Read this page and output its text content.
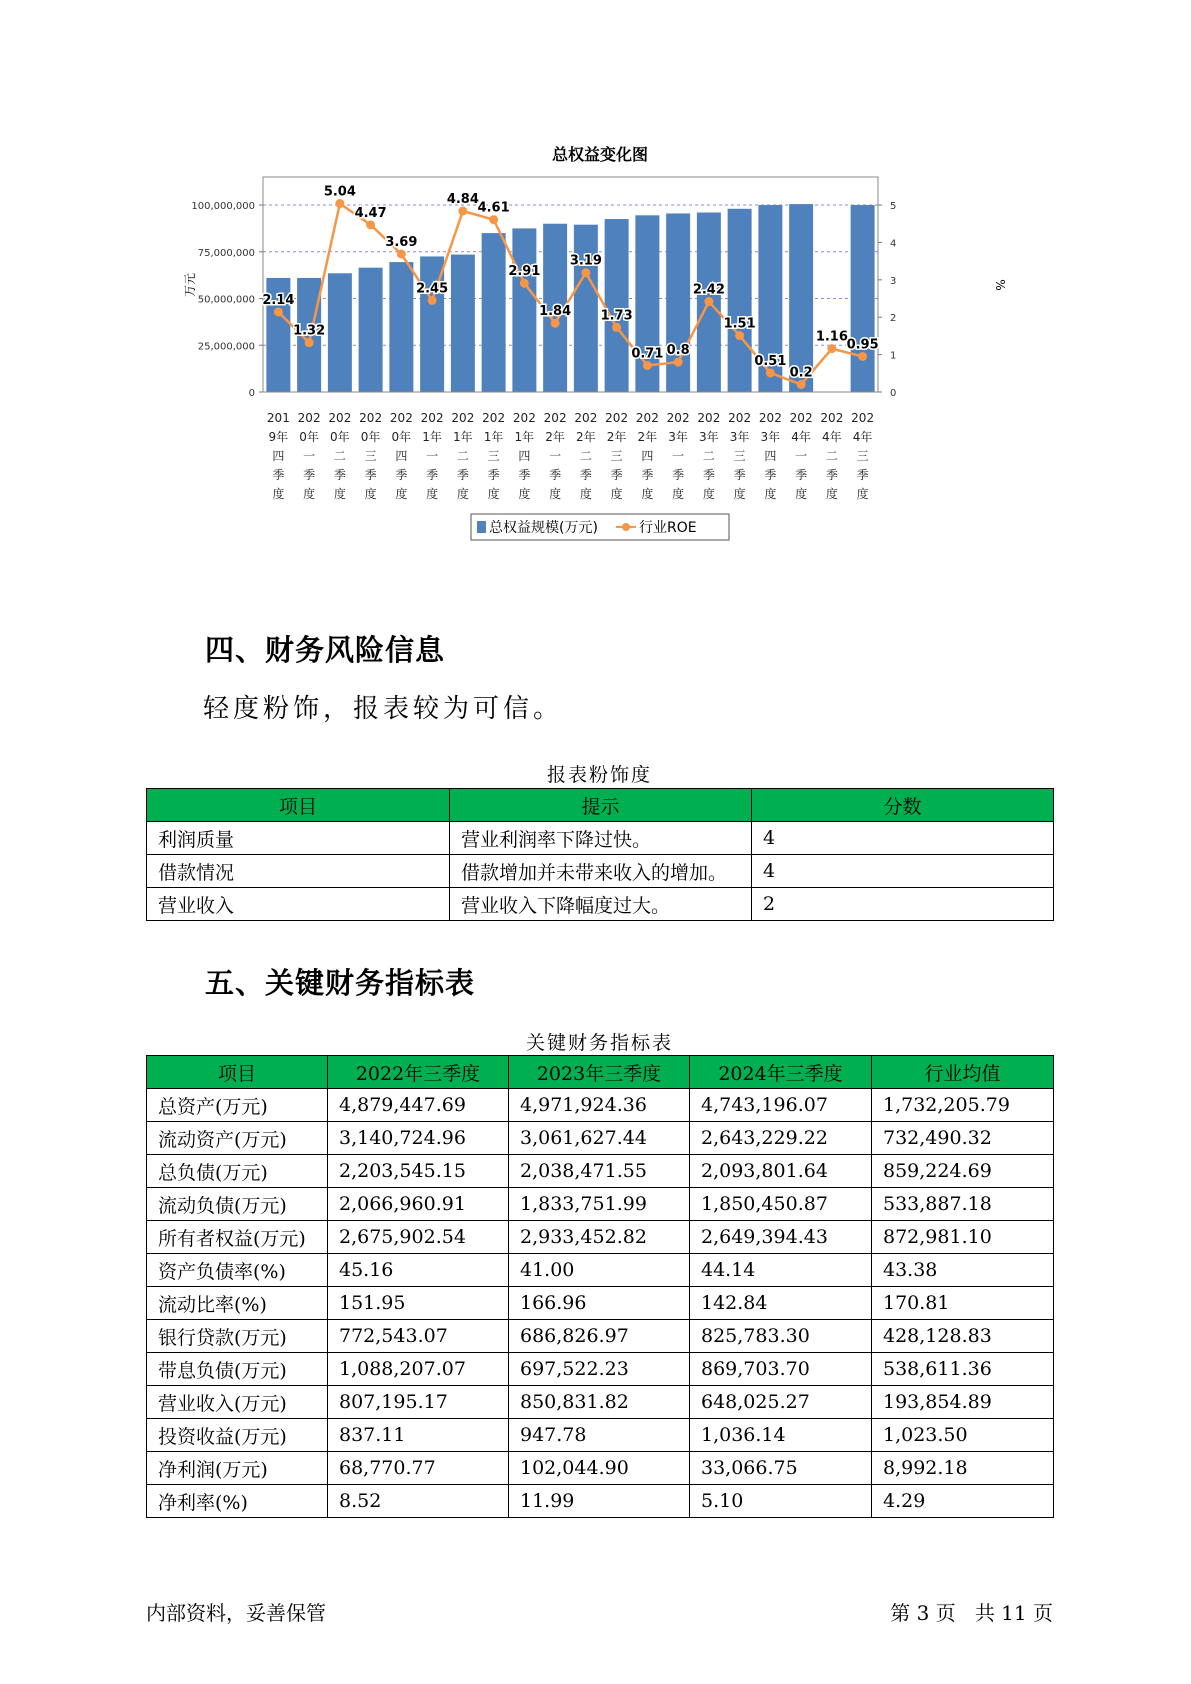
总权益变化图
万元	%
2.14
1.32
5.04
4.47
3.69
2.45
4.84
4.61
2.91
1.84
3.19
1.73
0.71 0.8
2.42
1.51
0.51
0.2
1.16
0.95
0
25,000,000
50,000,000
75,000,000
100,000,000
0
1
2
3
4
5
201
9年
四
季
度
202
0年
一
季
度
202
0年
二
季
度
202
0年
三
季
度
202
0年
四
季
度
202
1年
一
季
度
202
1年
二
季
度
202
1年
三
季
度
202
1年
四
季
度
202
2年
一
季
度
202
2年
二
季
度
202
2年
三
季
度
202
2年
四
季
度
202
3年
一
季
度
202
3年
二
季
度
202
3年
三
季
度
202
3年
四
季
度
202
4年
一
季
度
202
4年
二
季
度
202
4年
三
季
度
总权益规模(万元)	行业ROE
四、财务风险信息

轻度粉饰，报表较为可信。

报表粉饰度
项目	提示	分数
利润质量	营业利润率下降过快。	4
借款情况	借款增加并未带来收入的增加。	4
营业收入	营业收入下降幅度过大。	2
五、关键财务指标表
关键财务指标表
项目	2022年三季度	2023年三季度	2024年三季度	行业均值
总资产(万元)	4,879,447.69	4,971,924.36	4,743,196.07	1,732,205.79
流动资产(万元)	3,140,724.96	3,061,627.44	2,643,229.22	732,490.32
总负债(万元)	2,203,545.15	2,038,471.55	2,093,801.64	859,224.69
流动负债(万元)	2,066,960.91	1,833,751.99	1,850,450.87	533,887.18
所有者权益(万元)	2,675,902.54	2,933,452.82	2,649,394.43	872,981.10
资产负债率(%)	45.16	41.00	44.14	43.38
流动比率(%)	151.95	166.96	142.84	170.81
银行贷款(万元)	772,543.07	686,826.97	825,783.30	428,128.83
带息负债(万元)	1,088,207.07	697,522.23	869,703.70	538,611.36
营业收入(万元)	807,195.17	850,831.82	648,025.27	193,854.89
投资收益(万元)	837.11	947.78	1,036.14	1,023.50
净利润(万元)	68,770.77	102,044.90	33,066.75	8,992.18
净利率(%)	8.52	11.99	5.10	4.29
内部资料，妥善保管	第 3 页 共 11 页
